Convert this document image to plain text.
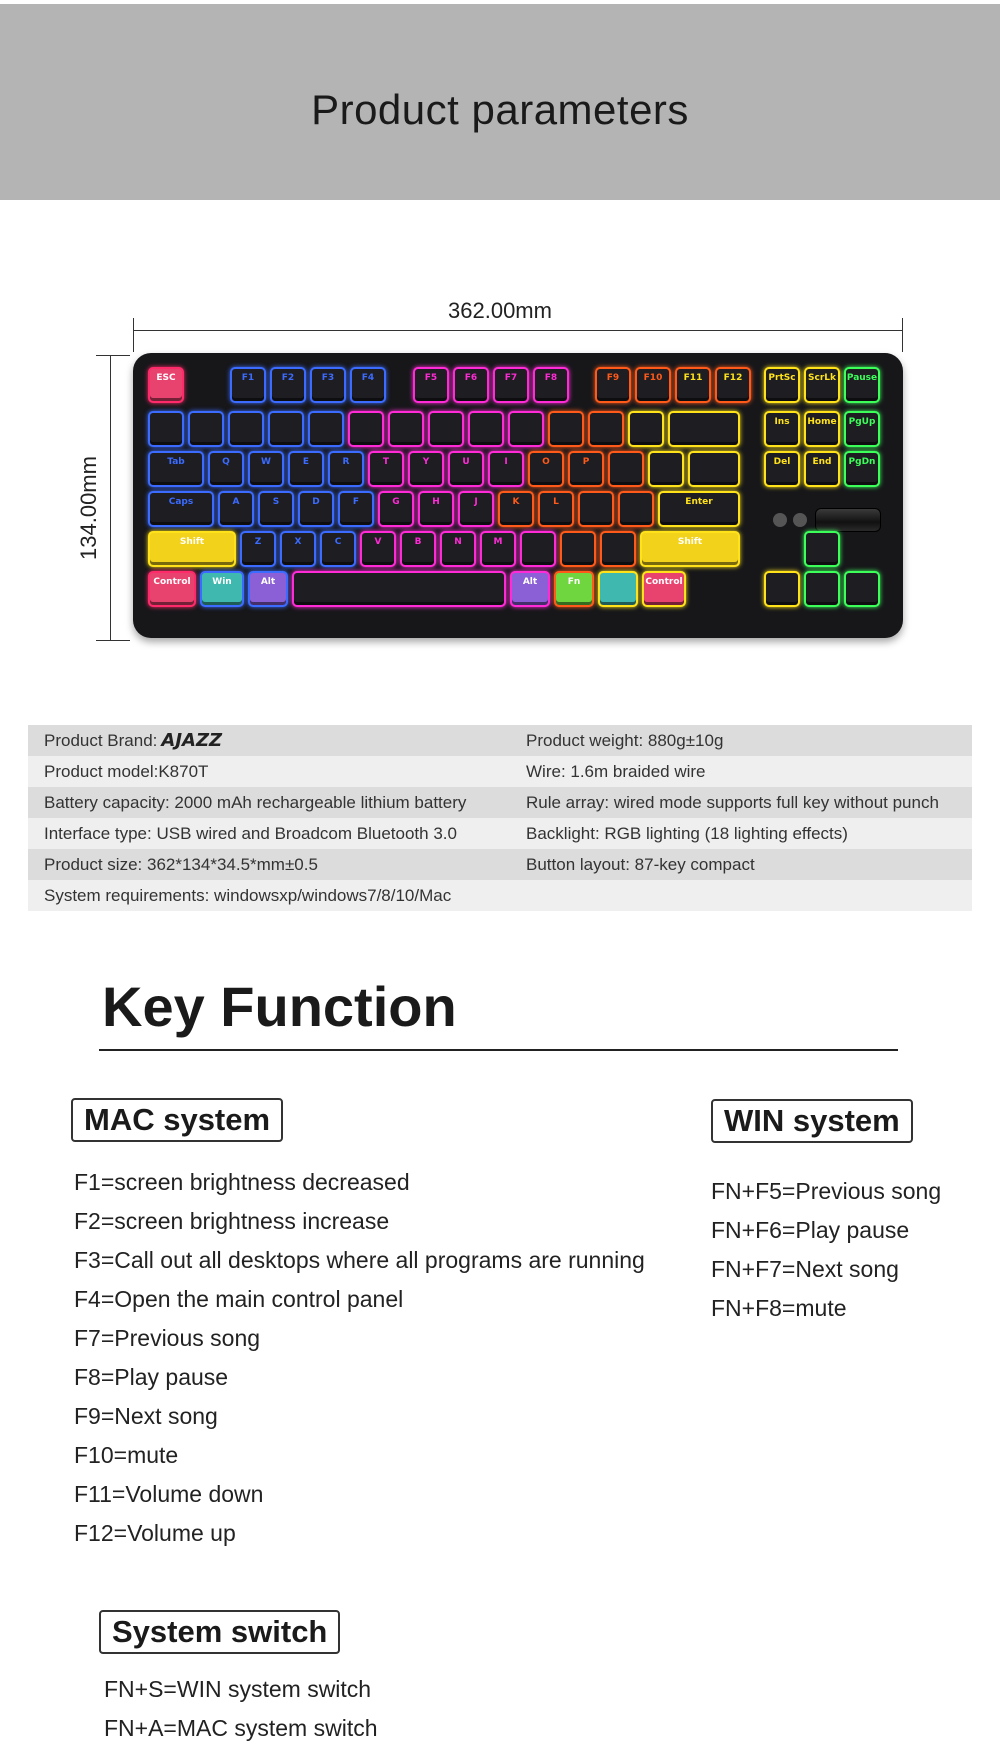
Product parameters
362.00mm
134.00mm
ESC	F1	F2	F3	F4	F5	F6	F7	F8	F9	F10	F11	F12	PrtSc ScrLk Pause
Tab	Q	W	E	R	T	Y	U	I	O	P
Caps	A	S	D	F	G	H	J	K	L	Enter
Shift	Z	X	C	V	B	N	M	Shift
Control	Win	Alt	Alt	Fn	Control
Ins	Home PgUp
Del	End	PgDn
Product Brand: AJAZZ	Product weight: 880g±10g
Product model:K870T	Wire: 1.6m braided wire
Battery capacity: 2000 mAh rechargeable lithium battery	Rule array: wired mode supports full key without punch
Interface type: USB wired and Broadcom Bluetooth 3.0	Backlight: RGB lighting (18 lighting effects)
Product size: 362*134*34.5*mm±0.5	Button layout: 87-key compact
System requirements: windowsxp/windows7/8/10/Mac
Key Function
MAC system
F1=screen brightness decreased
F2=screen brightness increase
F3=Call out all desktops where all programs are running
F4=Open the main control panel
F7=Previous song
F8=Play pause
F9=Next song
F10=mute
F11=Volume down
F12=Volume up
WIN system
FN+F5=Previous song
FN+F6=Play pause
FN+F7=Next song
FN+F8=mute
System switch
FN+S=WIN system switch
FN+A=MAC system switch
